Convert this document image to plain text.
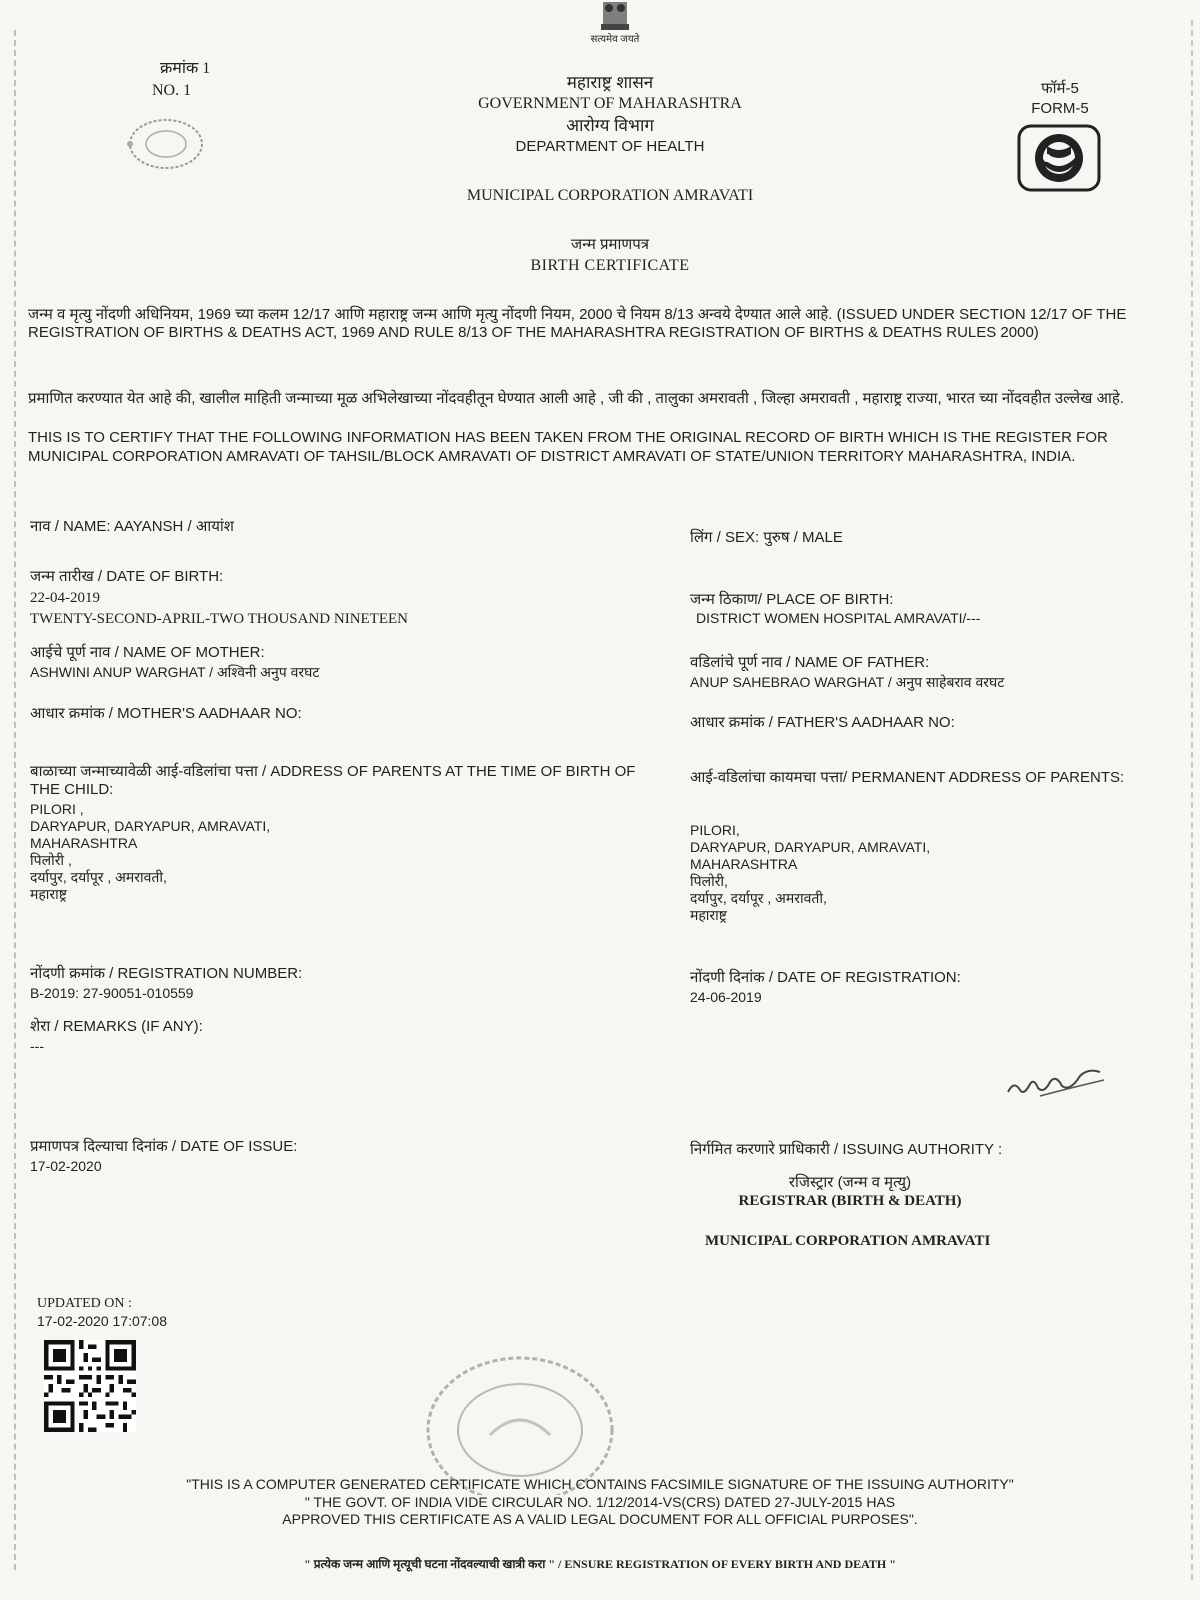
सत्यमेव जयते
क्रमांक 1
NO. 1	महाराष्ट्र शासन
GOVERNMENT OF MAHARASHTRA
आरोग्य विभाग
DEPARTMENT OF HEALTH
फॉर्म-5
FORM-5
MUNICIPAL CORPORATION AMRAVATI
जन्म प्रमाणपत्र
BIRTH CERTIFICATE
जन्म व मृत्यु नोंदणी अधिनियम, 1969 च्या कलम 12/17 आणि महाराष्ट्र जन्म आणि मृत्यु नोंदणी नियम, 2000 चे नियम 8/13 अन्वये देण्यात आले आहे. (ISSUED UNDER SECTION 12/17 OF THE REGISTRATION OF BIRTHS & DEATHS ACT, 1969 AND RULE 8/13 OF THE MAHARASHTRA REGISTRATION OF BIRTHS & DEATHS RULES 2000)
प्रमाणित करण्यात येत आहे की, खालील माहिती जन्माच्या मूळ अभिलेखाच्या नोंदवहीतून घेण्यात आली आहे , जी की , तालुका अमरावती , जिल्हा अमरावती , महाराष्ट्र राज्या, भारत च्या नोंदवहीत उल्लेख आहे.
THIS IS TO CERTIFY THAT THE FOLLOWING INFORMATION HAS BEEN TAKEN FROM THE ORIGINAL RECORD OF BIRTH WHICH IS THE REGISTER FOR MUNICIPAL CORPORATION AMRAVATI OF TAHSIL/BLOCK AMRAVATI OF DISTRICT AMRAVATI OF STATE/UNION TERRITORY MAHARASHTRA, INDIA.
नाव / NAME: AAYANSH / आयांश
लिंग / SEX: पुरुष / MALE
जन्म तारीख / DATE OF BIRTH:
22-04-2019
TWENTY-SECOND-APRIL-TWO THOUSAND NINETEEN
जन्म ठिकाण/ PLACE OF BIRTH:
DISTRICT WOMEN HOSPITAL AMRAVATI/---
आईचे पूर्ण नाव / NAME OF MOTHER:
ASHWINI ANUP WARGHAT / अश्विनी अनुप वरघट
वडिलांचे पूर्ण नाव / NAME OF FATHER:
ANUP SAHEBRAO WARGHAT / अनुप साहेबराव वरघट
आधार क्रमांक / MOTHER'S AADHAAR NO:
आधार क्रमांक / FATHER'S AADHAAR NO:
बाळाच्या जन्माच्यावेळी आई-वडिलांचा पत्ता / ADDRESS OF PARENTS AT THE TIME OF BIRTH OF THE CHILD:
PILORI ,
DARYAPUR, DARYAPUR, AMRAVATI,
MAHARASHTRA
पिलोरी ,
दर्यापुर, दर्यापूर , अमरावती,
महाराष्ट्र
आई-वडिलांचा कायमचा पत्ता/ PERMANENT ADDRESS OF PARENTS:
PILORI,
DARYAPUR, DARYAPUR, AMRAVATI,
MAHARASHTRA
पिलोरी,
दर्यापुर, दर्यापूर , अमरावती,
महाराष्ट्र
नोंदणी क्रमांक / REGISTRATION NUMBER:
B-2019: 27-90051-010559
नोंदणी दिनांक / DATE OF REGISTRATION:
24-06-2019
शेरा / REMARKS (IF ANY):
---
प्रमाणपत्र दिल्याचा दिनांक / DATE OF ISSUE:
17-02-2020
निर्गमित करणारे प्राधिकारी / ISSUING AUTHORITY :
रजिस्ट्रार (जन्म व मृत्यु)
REGISTRAR (BIRTH & DEATH)
MUNICIPAL CORPORATION AMRAVATI
UPDATED ON :
17-02-2020 17:07:08
"THIS IS A COMPUTER GENERATED CERTIFICATE WHICH CONTAINS FACSIMILE SIGNATURE OF THE ISSUING AUTHORITY"
" THE GOVT. OF INDIA VIDE CIRCULAR NO. 1/12/2014-VS(CRS) DATED 27-JULY-2015 HAS
APPROVED THIS CERTIFICATE AS A VALID LEGAL DOCUMENT FOR ALL OFFICIAL PURPOSES".
" प्रत्येक जन्म आणि मृत्यूची घटना नोंदवल्याची खात्री करा " / ENSURE REGISTRATION OF EVERY BIRTH AND DEATH "
